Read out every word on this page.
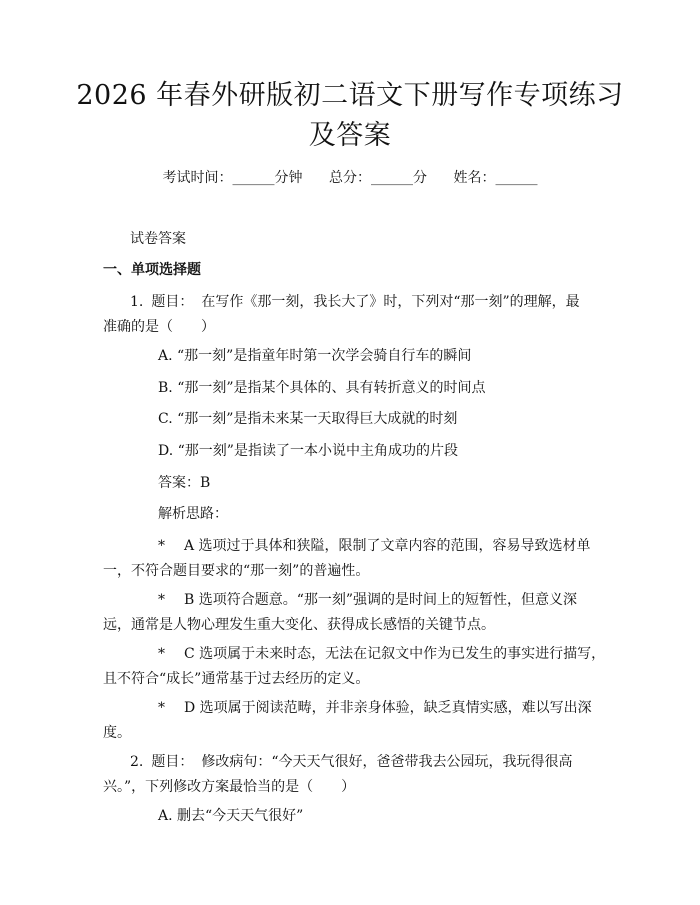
2026 年春外研版初二语文下册写作专项练习
及答案
考试时间：______分钟 总分：______分 姓名：______

试卷答案

一、单项选择题

1. 题目： 在写作《那一刻，我长大了》时，下列对“那一刻”的理解，最

准确的是（　　）

A. “那一刻”是指童年时第一次学会骑自行车的瞬间

B. “那一刻”是指某个具体的、具有转折意义的时间点

C. “那一刻”是指未来某一天取得巨大成就的时刻

D. “那一刻”是指读了一本小说中主角成功的片段

答案：B

解析思路：

* A 选项过于具体和狭隘，限制了文章内容的范围，容易导致选材单

一，不符合题目要求的“那一刻”的普遍性。

* B 选项符合题意。“那一刻”强调的是时间上的短暂性，但意义深

远，通常是人物心理发生重大变化、获得成长感悟的关键节点。

* C 选项属于未来时态，无法在记叙文中作为已发生的事实进行描写，

且不符合“成长”通常基于过去经历的定义。

* D 选项属于阅读范畴，并非亲身体验，缺乏真情实感，难以写出深

度。

2. 题目： 修改病句：“今天天气很好，爸爸带我去公园玩，我玩得很高

兴。”，下列修改方案最恰当的是（　　）

A. 删去“今天天气很好”
